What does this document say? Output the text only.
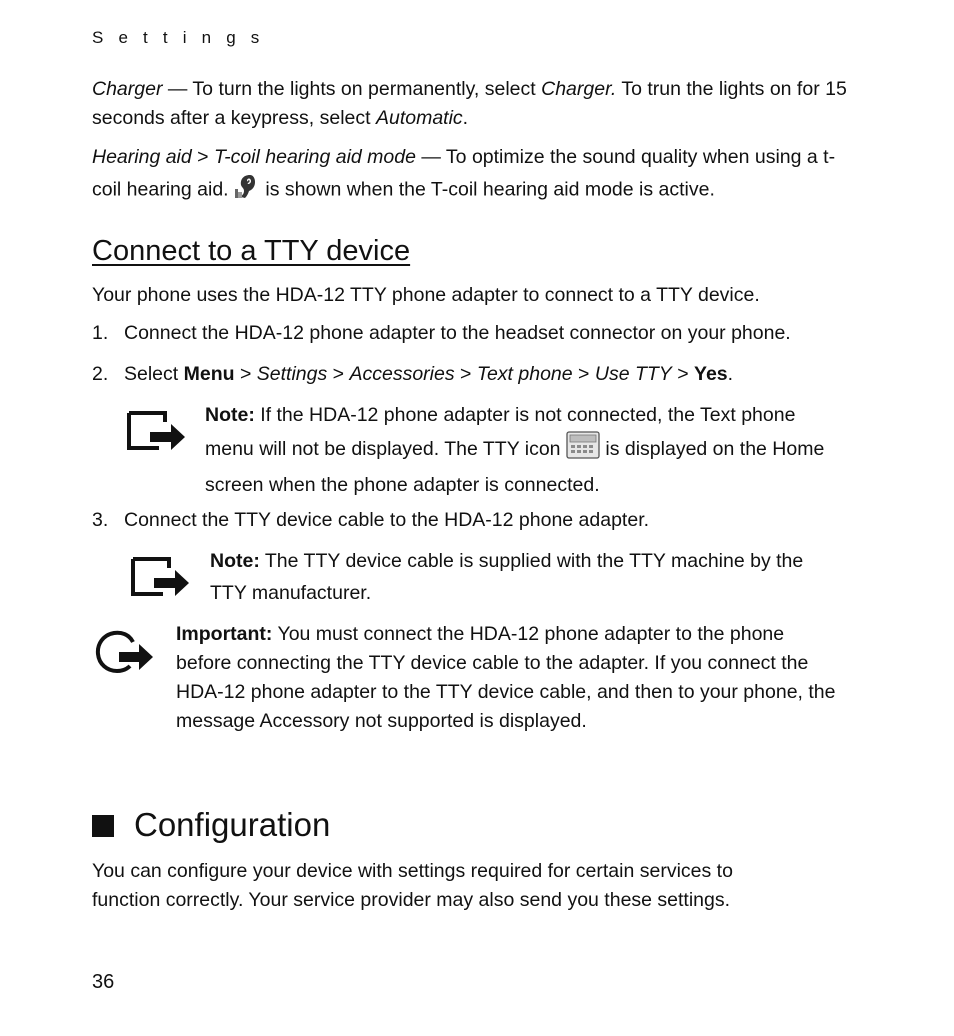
S e t t i n g s
Charger — To turn the lights on permanently, select Charger. To trun the lights on for 15 seconds after a keypress, select Automatic.
Hearing aid > T-coil hearing aid mode — To optimize the sound quality when using a t-coil hearing aid.  is shown when the T-coil hearing aid mode is active.
Connect to a TTY device
Your phone uses the HDA-12 TTY phone adapter to connect to a TTY device.
1. Connect the HDA-12 phone adapter to the headset connector on your phone.
2. Select Menu > Settings > Accessories > Text phone > Use TTY > Yes.
Note: If the HDA-12 phone adapter is not connected, the Text phone menu will not be displayed. The TTY icon  is displayed on the Home screen when the phone adapter is connected.
3. Connect the TTY device cable to the HDA-12 phone adapter.
Note: The TTY device cable is supplied with the TTY machine by the TTY manufacturer.
Important: You must connect the HDA-12 phone adapter to the phone before connecting the TTY device cable to the adapter. If you connect the HDA-12 phone adapter to the TTY device cable, and then to your phone, the message Accessory not supported is displayed.
Configuration
You can configure your device with settings required for certain services to function correctly. Your service provider may also send you these settings.
36
